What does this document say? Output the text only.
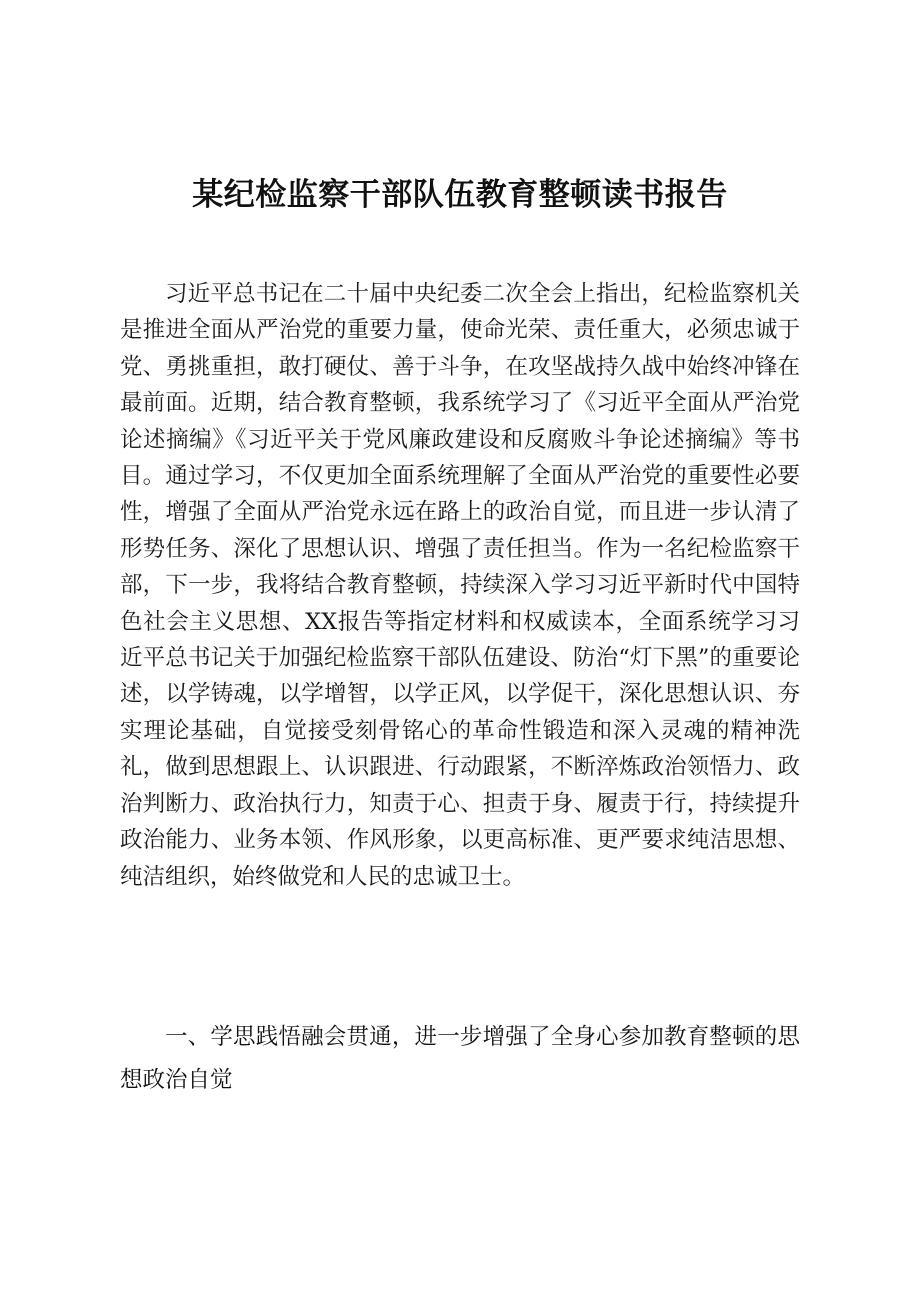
某纪检监察干部队伍教育整顿读书报告

习近平总书记在二十届中央纪委二次全会上指出，纪检监察机关是推进全面从严治党的重要力量，使命光荣、责任重大，必须忠诚于党、勇挑重担，敢打硬仗、善于斗争，在攻坚战持久战中始终冲锋在最前面。近期，结合教育整顿，我系统学习了《习近平全面从严治党论述摘编》《习近平关于党风廉政建设和反腐败斗争论述摘编》等书目。通过学习，不仅更加全面系统理解了全面从严治党的重要性必要性，增强了全面从严治党永远在路上的政治自觉，而且进一步认清了形势任务、深化了思想认识、增强了责任担当。作为一名纪检监察干部，下一步，我将结合教育整顿，持续深入学习习近平新时代中国特色社会主义思想、XX报告等指定材料和权威读本，全面系统学习习近平总书记关于加强纪检监察干部队伍建设、防治“灯下黑”的重要论述，以学铸魂，以学增智，以学正风，以学促干，深化思想认识、夯实理论基础，自觉接受刻骨铭心的革命性锻造和深入灵魂的精神洗礼，做到思想跟上、认识跟进、行动跟紧，不断淬炼政治领悟力、政治判断力、政治执行力，知责于心、担责于身、履责于行，持续提升政治能力、业务本领、作风形象，以更高标准、更严要求纯洁思想、纯洁组织，始终做党和人民的忠诚卫士。

一、学思践悟融会贯通，进一步增强了全身心参加教育整顿的思想政治自觉
